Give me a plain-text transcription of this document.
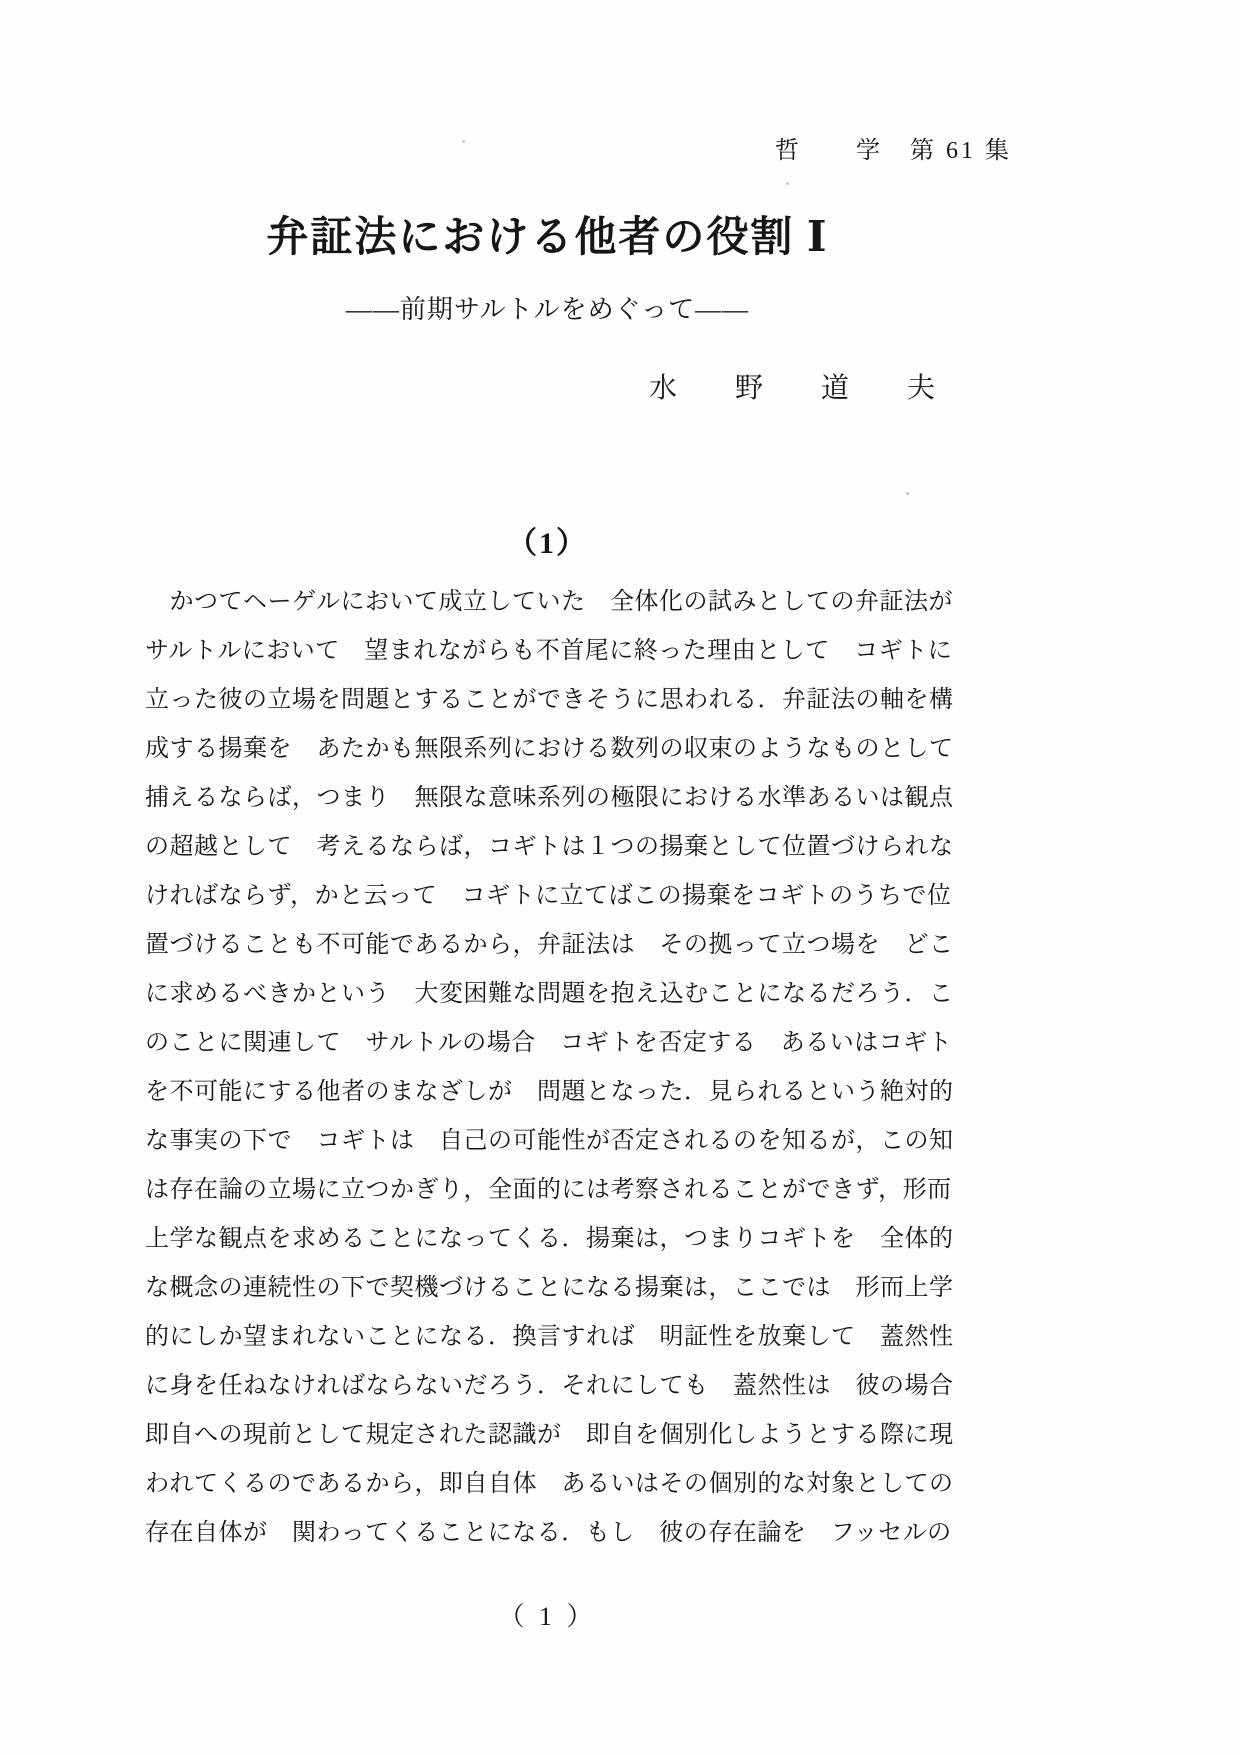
哲　　学　第 61 集
弁証法における他者の役割 Ⅰ
――前期サルトルをめぐって――
水　野　道　夫
（1）
　かつてヘーゲルにおいて成立していた　全体化の試みとしての弁証法が
サルトルにおいて　望まれながらも不首尾に終った理由として　コギトに
立った彼の立場を問題とすることができそうに思われる．弁証法の軸を構
成する揚棄を　あたかも無限系列における数列の収束のようなものとして
捕えるならば，つまり　無限な意味系列の極限における水準あるいは観点
の超越として　考えるならば，コギトは１つの揚棄として位置づけられな
ければならず，かと云って　コギトに立てばこの揚棄をコギトのうちで位
置づけることも不可能であるから，弁証法は　その拠って立つ場を　どこ
に求めるべきかという　大変困難な問題を抱え込むことになるだろう．こ
のことに関連して　サルトルの場合　コギトを否定する　あるいはコギト
を不可能にする他者のまなざしが　問題となった．見られるという絶対的
な事実の下で　コギトは　自己の可能性が否定されるのを知るが，この知
は存在論の立場に立つかぎり，全面的には考察されることができず，形而
上学な観点を求めることになってくる．揚棄は，つまりコギトを　全体的
な概念の連続性の下で契機づけることになる揚棄は，ここでは　形而上学
的にしか望まれないことになる．換言すれば　明証性を放棄して　蓋然性
に身を任ねなければならないだろう．それにしても　蓋然性は　彼の場合
即自への現前として規定された認識が　即自を個別化しようとする際に現
われてくるのであるから，即自自体　あるいはその個別的な対象としての
存在自体が　関わってくることになる．もし　彼の存在論を　フッセルの
（ 1 ）
